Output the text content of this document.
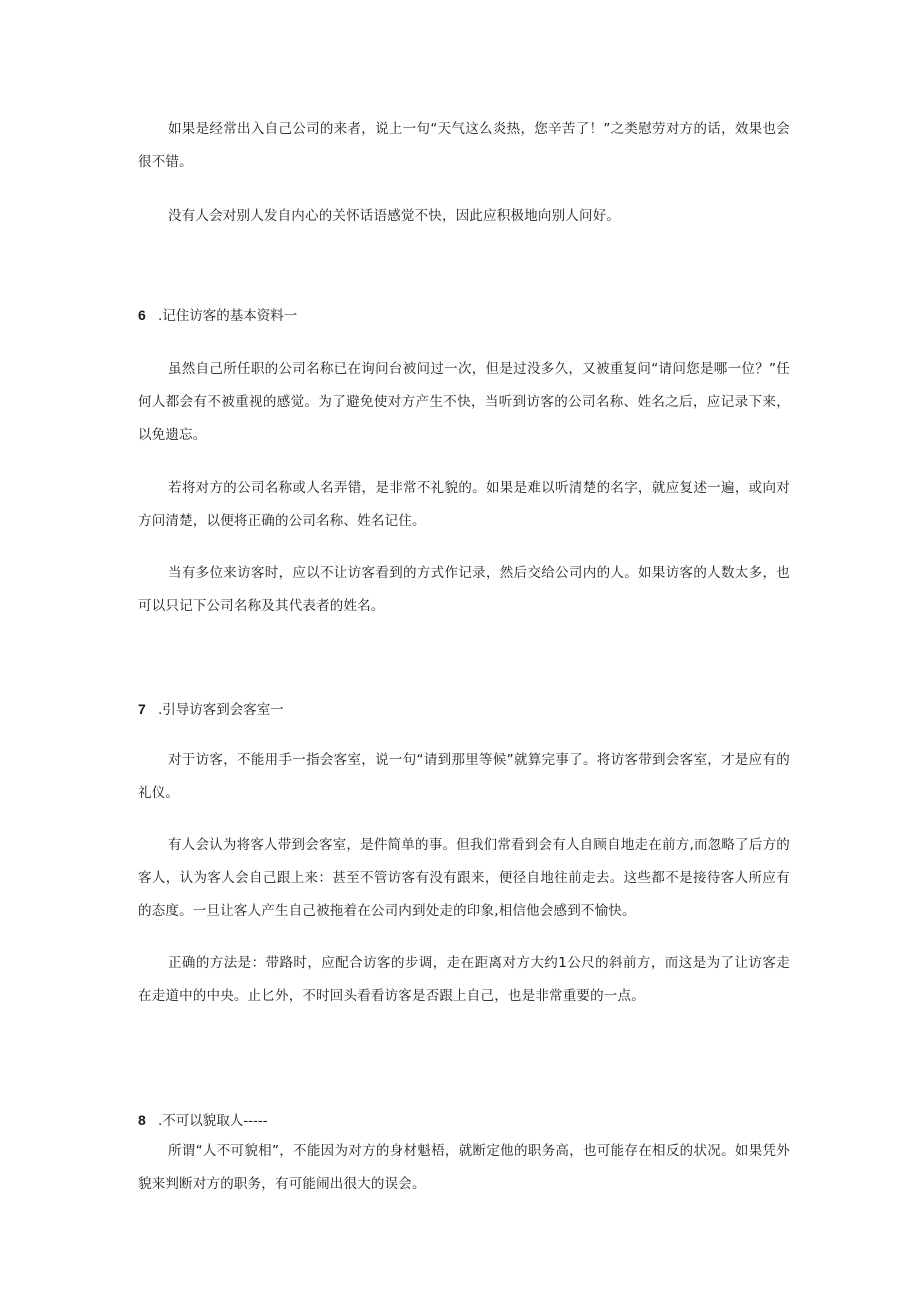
如果是经常出入自己公司的来者，说上一句“天气这么炎热，您辛苦了！”之类慰劳对方的话，效果也会很不错。

没有人会对别人发自内心的关怀话语感觉不快，因此应积极地向别人问好。

6 .记住访客的基本资料一

虽然自己所任职的公司名称已在询问台被问过一次，但是过没多久，又被重复问“请问您是哪一位？”任何人都会有不被重视的感觉。为了避免使对方产生不快，当听到访客的公司名称、姓名之后，应记录下来，以免遗忘。

若将对方的公司名称或人名弄错，是非常不礼貌的。如果是难以听清楚的名字，就应复述一遍，或向对方问清楚，以便将正确的公司名称、姓名记住。

当有多位来访客时，应以不让访客看到的方式作记录，然后交给公司内的人。如果访客的人数太多，也可以只记下公司名称及其代表者的姓名。

7 .引导访客到会客室一

对于访客，不能用手一指会客室，说一句“请到那里等候”就算完事了。将访客带到会客室，才是应有的礼仪。

有人会认为将客人带到会客室，是件简单的事。但我们常看到会有人自顾自地走在前方,而忽略了后方的客人，认为客人会自己跟上来：甚至不管访客有没有跟来，便径自地往前走去。这些都不是接待客人所应有的态度。一旦让客人产生自己被拖着在公司内到处走的印象,相信他会感到不愉快。

正确的方法是：带路时，应配合访客的步调，走在距离对方大约1公尺的斜前方，而这是为了让访客走在走道中的中央。止匕外，不时回头看看访客是否跟上自己，也是非常重要的一点。

8 .不可以貌取人-----

所谓“人不可貌相”，不能因为对方的身材魁梧，就断定他的职务高，也可能存在相反的状况。如果凭外貌来判断对方的职务，有可能闹出很大的误会。
